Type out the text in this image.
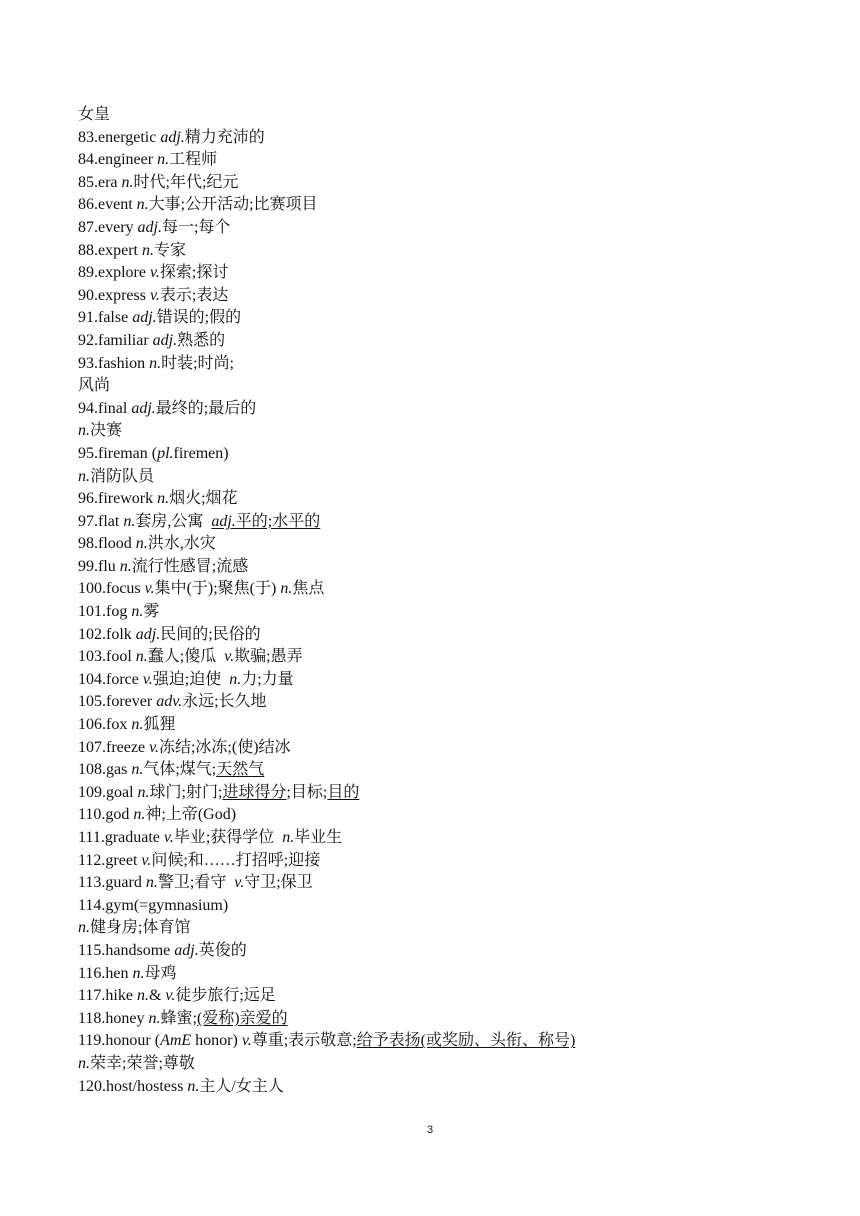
女皇
83.energetic adj.精力充沛的
84.engineer n.工程师
85.era n.时代;年代;纪元
86.event n.大事;公开活动;比赛项目
87.every adj.每一;每个
88.expert n.专家
89.explore v.探索;探讨
90.express v.表示;表达
91.false adj.错误的;假的
92.familiar adj.熟悉的
93.fashion n.时装;时尚;
风尚
94.final adj.最终的;最后的
n.决赛
95.fireman (pl.firemen)
n.消防队员
96.firework n.烟火;烟花
97.flat n.套房,公寓 adj.平的;水平的
98.flood n.洪水,水灾
99.flu n.流行性感冒;流感
100.focus v.集中(于);聚焦(于) n.焦点
101.fog n.雾
102.folk adj.民间的;民俗的
103.fool n.蠢人;傻瓜 v.欺骗;愚弄
104.force v.强迫;迫使 n.力;力量
105.forever adv.永远;长久地
106.fox n.狐狸
107.freeze v.冻结;冰冻;(使)结冰
108.gas n.气体;煤气;天然气
109.goal n.球门;射门;进球得分;目标;目的
110.god n.神;上帝(God)
111.graduate v.毕业;获得学位 n.毕业生
112.greet v.问候;和……打招呼;迎接
113.guard n.警卫;看守 v.守卫;保卫
114.gym(=gymnasium)
n.健身房;体育馆
115.handsome adj.英俊的
116.hen n.母鸡
117.hike n.& v.徒步旅行;远足
118.honey n.蜂蜜;(爱称)亲爱的
119.honour (AmE honor) v.尊重;表示敬意;给予表扬(或奖励、头衔、称号)
n.荣幸;荣誉;尊敬
120.host/hostess n.主人/女主人
3
